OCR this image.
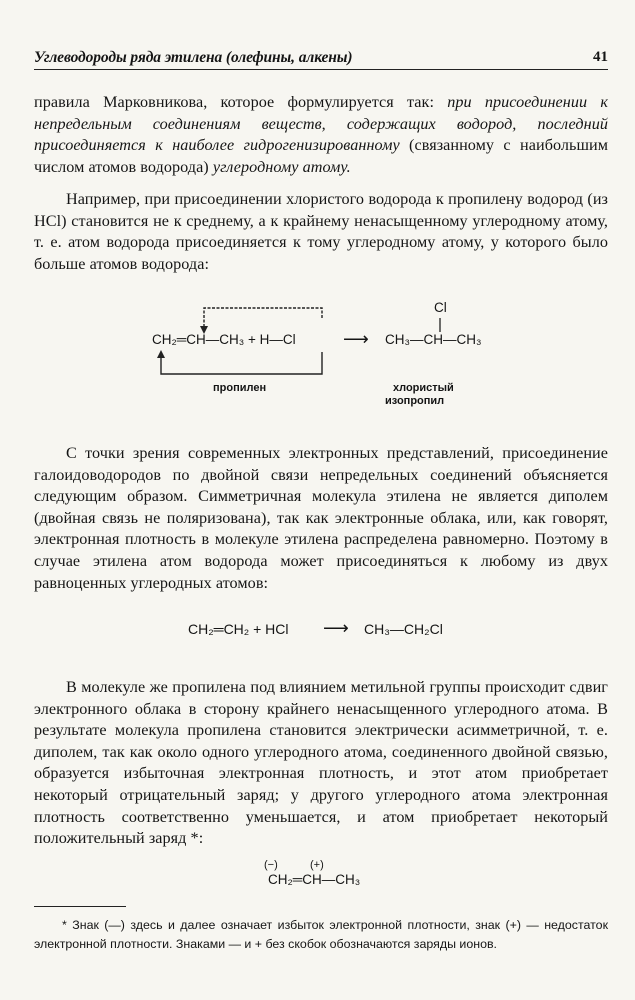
Углеводороды ряда этилена (олефины, алкены)	41

правила Марковникова, которое формулируется так: при присоединении к непредельным соединениям веществ, содержащих водород, последний присоединяется к наиболее гидрогенизированному (связанному с наибольшим числом атомов водорода) углеродному атому.

Например, при присоединении хлористого водорода к пропилену водород (из HCl) становится не к среднему, а к крайнему ненасыщенному углеродному атому, т. е. атом водорода присоединяется к тому углеродному атому, у которого было больше атомов водорода:

CH₂═CH—CH₃ + H—Cl	⟶
Cl
CH₃—CH—CH₃
пропилен	хлористый
изопропил

С точки зрения современных электронных представлений, присоединение галоидоводородов по двойной связи непредельных соединений объясняется следующим образом. Симметричная молекула этилена не является диполем (двойная связь не поляризована), так как электронные облака, или, как говорят, электронная плотность в молекуле этилена распределена равномерно. Поэтому в случае этилена атом водорода может присоединяться к любому из двух равноценных углеродных атомов:

CH₂═CH₂ + HCl ⟶ CH₃—CH₂Cl

В молекуле же пропилена под влиянием метильной группы происходит сдвиг электронного облака в сторону крайнего ненасыщенного углеродного атома. В результате молекула пропилена становится электрически асимметричной, т. е. диполем, так как около одного углеродного атома, соединенного двойной связью, образуется избыточная электронная плотность, и этот атом приобретает некоторый отрицательный заряд; у другого углеродного атома электронная плотность соответственно уменьшается, и атом приобретает некоторый положительный заряд *:

(−)	(+)
CH₂═CH—CH₃

* Знак (—) здесь и далее означает избыток электронной плотности, знак (+) — недостаток электронной плотности. Знаками — и + без скобок обозначаются заряды ионов.
